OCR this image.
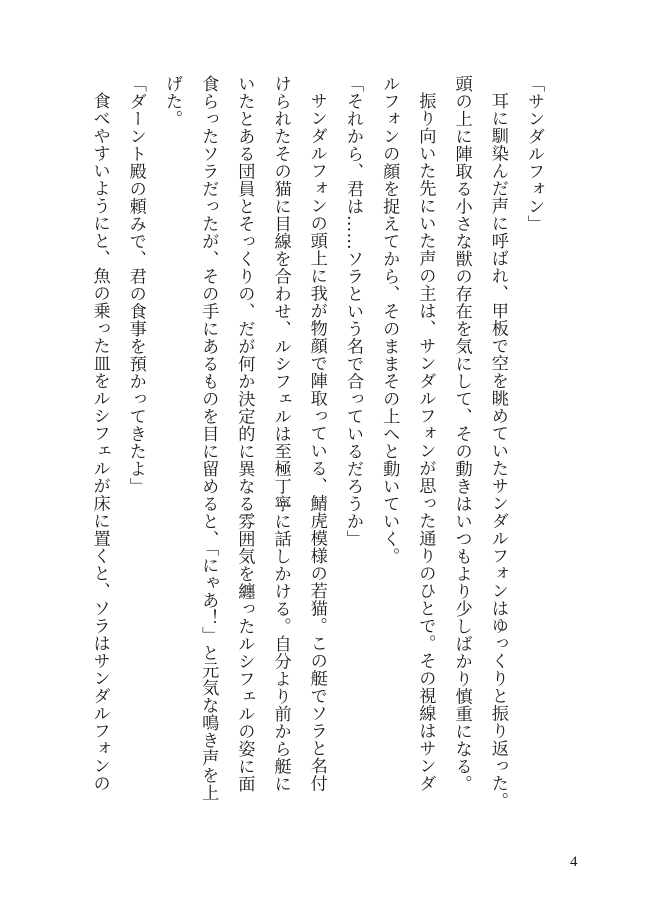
「サンダルフォン」

耳に馴染んだ声に呼ばれ、甲板で空を眺めていたサンダルフォンはゆっくりと振り返った。

頭の上に陣取る小さな獣の存在を気にして、その動きはいつもより少しばかり慎重になる。

振り向いた先にいた声の主は、サンダルフォンが思った通りのひとで。その視線はサンダ

ルフォンの顔を捉えてから、そのままその上へと動いていく。

「それから、君は……ソラという名で合っているだろうか」

サンダルフォンの頭上に我が物顔で陣取っている、鯖虎模様の若猫。この艇でソラと名付

けられたその猫に目線を合わせ、ルシフェルは至極丁寧に話しかける。自分より前から艇に

いたとある団員とそっくりの、だが何か決定的に異なる雰囲気を纏ったルシフェルの姿に面

食らったソラだったが、その手にあるものを目に留めると、「にゃあ！」と元気な鳴き声を上

げた。

「ダーント殿の頼みで、君の食事を預かってきたよ」

食べやすいようにと、魚の乗った皿をルシフェルが床に置くと、ソラはサンダルフォンの

4
